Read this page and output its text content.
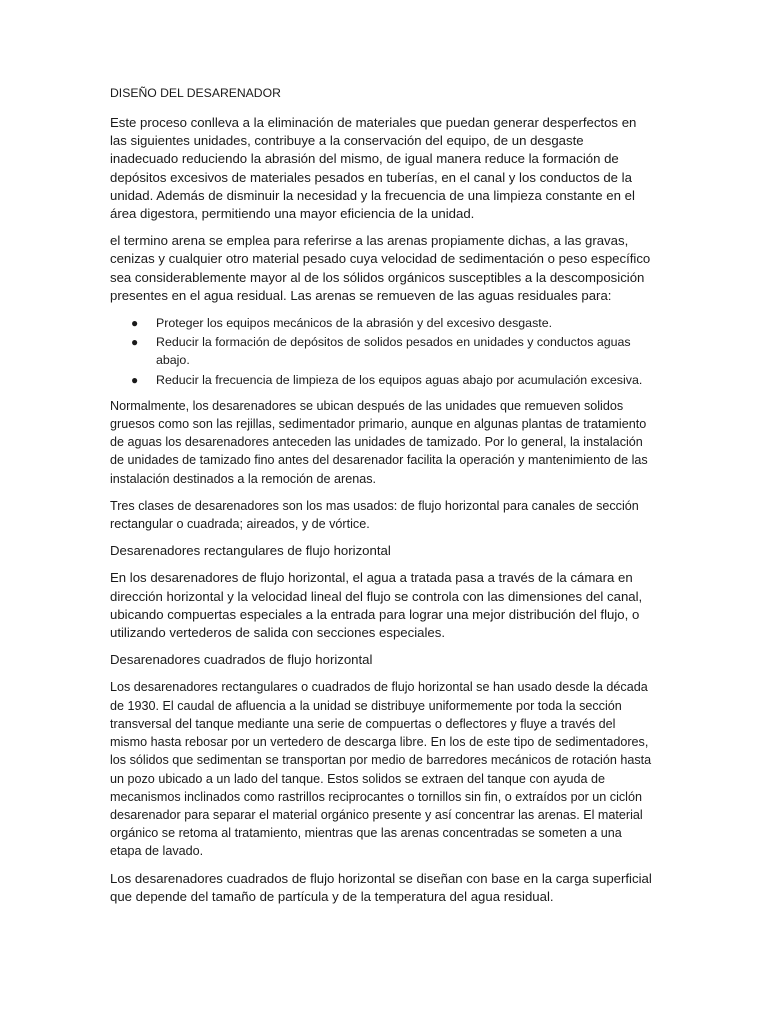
DISEÑO DEL DESARENADOR

Este proceso conlleva a la eliminación de materiales que puedan generar desperfectos en las siguientes unidades, contribuye a la conservación del equipo, de un desgaste inadecuado reduciendo la abrasión del mismo, de igual manera reduce la formación de depósitos excesivos de materiales pesados en tuberías, en el canal y los conductos de la unidad. Además de disminuir la necesidad y la frecuencia de una limpieza constante en el área digestora, permitiendo una mayor eficiencia de la unidad.

el termino arena se emplea para referirse a las arenas propiamente dichas, a las gravas, cenizas y cualquier otro material pesado cuya velocidad de sedimentación o peso específico sea considerablemente mayor al de los sólidos orgánicos susceptibles a la descomposición presentes en el agua residual. Las arenas se remueven de las aguas residuales para:

● Proteger los equipos mecánicos de la abrasión y del excesivo desgaste.
● Reducir la formación de depósitos de solidos pesados en unidades y conductos aguas abajo.
● Reducir la frecuencia de limpieza de los equipos aguas abajo por acumulación excesiva.

Normalmente, los desarenadores se ubican después de las unidades que remueven solidos gruesos como son las rejillas, sedimentador primario, aunque en algunas plantas de tratamiento de aguas los desarenadores anteceden las unidades de tamizado. Por lo general, la instalación de unidades de tamizado fino antes del desarenador facilita la operación y mantenimiento de las instalación destinados a la remoción de arenas.

Tres clases de desarenadores son los mas usados: de flujo horizontal para canales de sección rectangular o cuadrada; aireados, y de vórtice.

Desarenadores rectangulares de flujo horizontal

En los desarenadores de flujo horizontal, el agua a tratada pasa a través de la cámara en dirección horizontal y la velocidad lineal del flujo se controla con las dimensiones del canal, ubicando compuertas especiales a la entrada para lograr una mejor distribución del flujo, o utilizando vertederos de salida con secciones especiales.

Desarenadores cuadrados de flujo horizontal

Los desarenadores rectangulares o cuadrados de flujo horizontal se han usado desde la década de 1930. El caudal de afluencia a la unidad se distribuye uniformemente por toda la sección transversal del tanque mediante una serie de compuertas o deflectores y fluye a través del mismo hasta rebosar por un vertedero de descarga libre. En los de este tipo de sedimentadores, los sólidos que sedimentan se transportan por medio de barredores mecánicos de rotación hasta un pozo ubicado a un lado del tanque. Estos solidos se extraen del tanque con ayuda de mecanismos inclinados como rastrillos reciprocantes o tornillos sin fin, o extraídos por un ciclón desarenador para separar el material orgánico presente y así concentrar las arenas. El material orgánico se retoma al tratamiento, mientras que las arenas concentradas se someten a una etapa de lavado.

Los desarenadores cuadrados de flujo horizontal se diseñan con base en la carga superficial que depende del tamaño de partícula y de la temperatura del agua residual.
